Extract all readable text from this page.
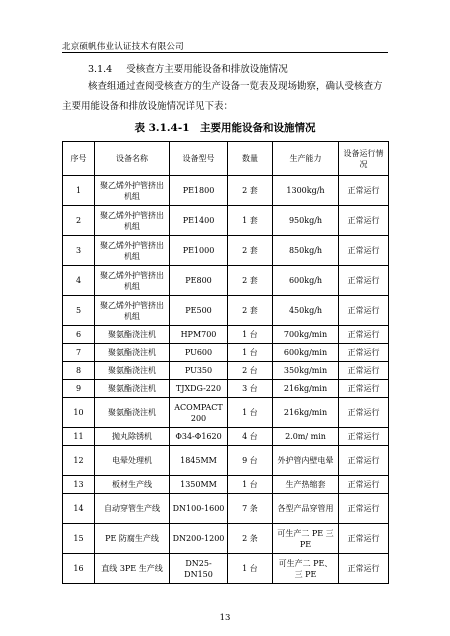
北京硕帆伟业认证技术有限公司
3.1.4 受核查方主要用能设备和排放设施情况
核查组通过查阅受核查方的生产设备一览表及现场勘察，确认受核查方主要用能设备和排放设施情况详见下表：
表 3.1.4-1　主要用能设备和设施情况
序号	设备名称	设备型号	数量	生产能力	设备运行情况
1	聚乙烯外护管挤出机组	PE1800	2 套	1300kg/h	正常运行
2	聚乙烯外护管挤出机组	PE1400	1 套	950kg/h	正常运行
3	聚乙烯外护管挤出机组	PE1000	2 套	850kg/h	正常运行
4	聚乙烯外护管挤出机组	PE800	2 套	600kg/h	正常运行
5	聚乙烯外护管挤出机组	PE500	2 套	450kg/h	正常运行
6	聚氨酯浇注机	HPM700	1 台	700kg/min	正常运行
7	聚氨酯浇注机	PU600	1 台	600kg/min	正常运行
8	聚氨酯浇注机	PU350	2 台	350kg/min	正常运行
9	聚氨酯浇注机	TJXDG-220	3 台	216kg/min	正常运行
10	聚氨酯浇注机	ACOMPACT 200	1 台	216kg/min	正常运行
11	抛丸除锈机	Φ34-Φ1620	4 台	2.0m/ min	正常运行
12	电晕处理机	1845MM	9 台	外护管内壁电晕	正常运行
13	板材生产线	1350MM	1 台	生产热缩套	正常运行
14	自动穿管生产线	DN100-1600	7 条	各型产品穿管用	正常运行
15	PE 防腐生产线	DN200-1200	2 条	可生产二 PE 三 PE	正常运行
16	直线 3PE 生产线	DN25-DN150	1 台	可生产二 PE、三 PE	正常运行
13
